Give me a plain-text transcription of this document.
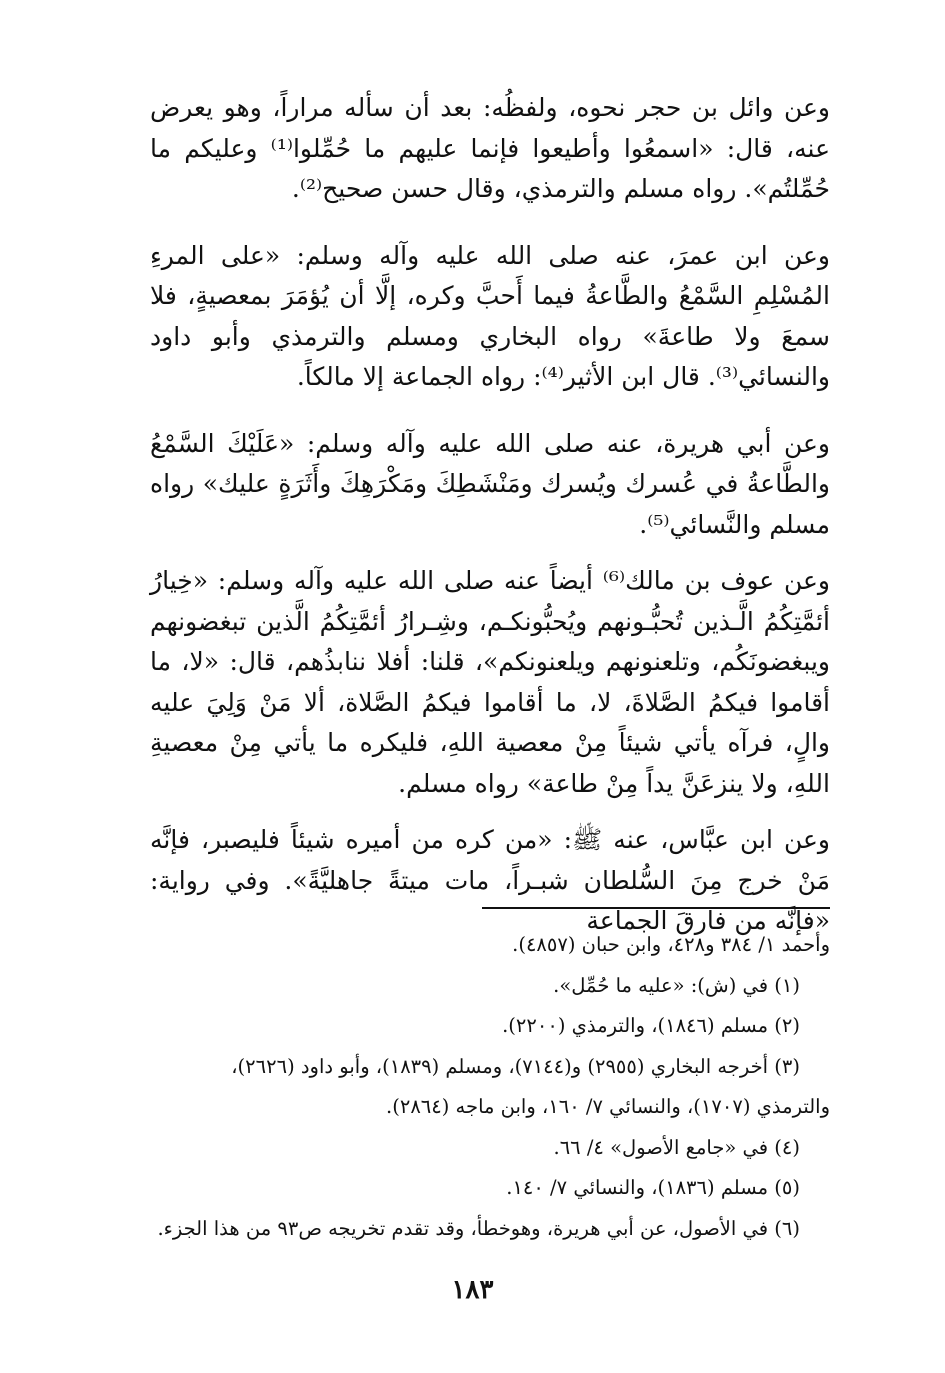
وعن وائل بن حجر نحوه، ولفظُه: بعد أن سأله مراراً، وهو يعرض عنه، قال: «اسمعُوا وأطيعوا فإنما عليهم ما حُمِّلوا⁽¹⁾ وعليكم ما حُمِّلتُم». رواه مسلم والترمذي، وقال حسن صحيح⁽²⁾.

وعن ابن عمرَ، عنه صلى الله عليه وآله وسلم: «على المرءِ المُسْلِمِ السَّمْعُ والطَّاعةُ فيما أَحبَّ وكره، إلَّا أن يُؤمَرَ بمعصيةٍ، فلا سمعَ ولا طاعةَ» رواه البخاري ومسلم والترمذي وأبو داود والنسائي⁽³⁾. قال ابن الأثير⁽⁴⁾: رواه الجماعة إلا مالكاً.

وعن أبي هريرة، عنه صلى الله عليه وآله وسلم: «عَلَيْكَ السَّمْعُ والطَّاعةُ في عُسرك ويُسرك ومَنْشَطِكَ ومَكْرَهِكَ وأَثَرَةٍ عليك» رواه مسلم والنَّسائي⁽⁵⁾.

وعن عوف بن مالك⁽⁶⁾ أيضاً عنه صلى الله عليه وآله وسلم: «خِيارُ أئمَّتِكُمُ الَّـذين تُحبُّـونهم ويُحبُّونكـم، وشِـرارُ أئمَّتِكُمُ الَّذين تبغضونهم ويبغضونَكُم، وتلعنونهم ويلعنونكم»، قلنا: أفلا ننابذُهم، قال: «لا، ما أقاموا فيكمُ الصَّلاةَ، لا، ما أقاموا فيكمُ الصَّلاة، ألا مَنْ وَلِيَ عليه والٍ، فرآه يأتي شيئاً مِنْ معصية اللهِ، فليكره ما يأتي مِنْ معصيةِ اللهِ، ولا ينزعَنَّ يداً مِنْ طاعة» رواه مسلم.

وعن ابن عبَّاس، عنه ﷺ: «من كره من أميره شيئاً فليصبر، فإنَّه مَنْ خرج مِنَ السُّلطان شبـراً، مات ميتةً جاهليَّةً». وفي رواية: «فإنَّه من فارقَ الجماعة

وأحمد ١/ ٣٨٤ و٤٢٨، وابن حبان (٤٨٥٧).

(١) في (ش): «عليه ما حُمِّل».

(٢) مسلم (١٨٤٦)، والترمذي (٢٢٠٠).

(٣) أخرجه البخاري (٢٩٥٥) و(٧١٤٤)، ومسلم (١٨٣٩)، وأبو داود (٢٦٢٦)،

والترمذي (١٧٠٧)، والنسائي ٧/ ١٦٠، وابن ماجه (٢٨٦٤).

(٤) في «جامع الأصول» ٤/ ٦٦.

(٥) مسلم (١٨٣٦)، والنسائي ٧/ ١٤٠.

(٦) في الأصول، عن أبي هريرة، وهوخطأ، وقد تقدم تخريجه ص٩٣ من هذا الجزء.

١٨٣
